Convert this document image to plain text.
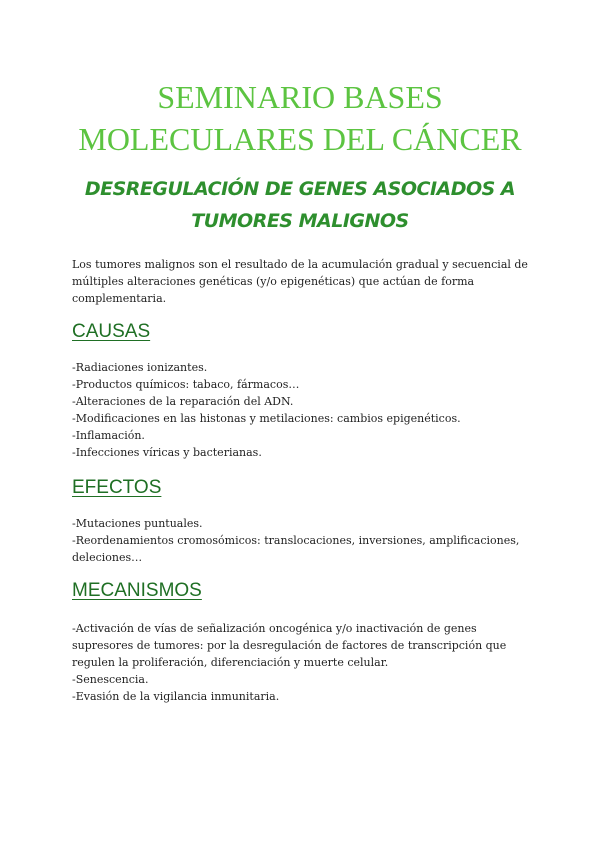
SEMINARIO BASES
MOLECULARES DEL CÁNCER
DESREGULACIÓN DE GENES ASOCIADOS A
TUMORES MALIGNOS

Los tumores malignos son el resultado de la acumulación gradual y secuencial de múltiples alteraciones genéticas (y/o epigenéticas) que actúan de forma complementaria.

CAUSAS
-Radiaciones ionizantes.
-Productos químicos: tabaco, fármacos…
-Alteraciones de la reparación del ADN.
-Modificaciones en las histonas y metilaciones: cambios epigenéticos.
-Inflamación.
-Infecciones víricas y bacterianas.
EFECTOS
-Mutaciones puntuales.
-Reordenamientos cromosómicos: translocaciones, inversiones, amplificaciones, deleciones…
MECANISMOS
-Activación de vías de señalización oncogénica y/o inactivación de genes supresores de tumores: por la desregulación de factores de transcripción que regulen la proliferación, diferenciación y muerte celular.
-Senescencia.
-Evasión de la vigilancia inmunitaria.
